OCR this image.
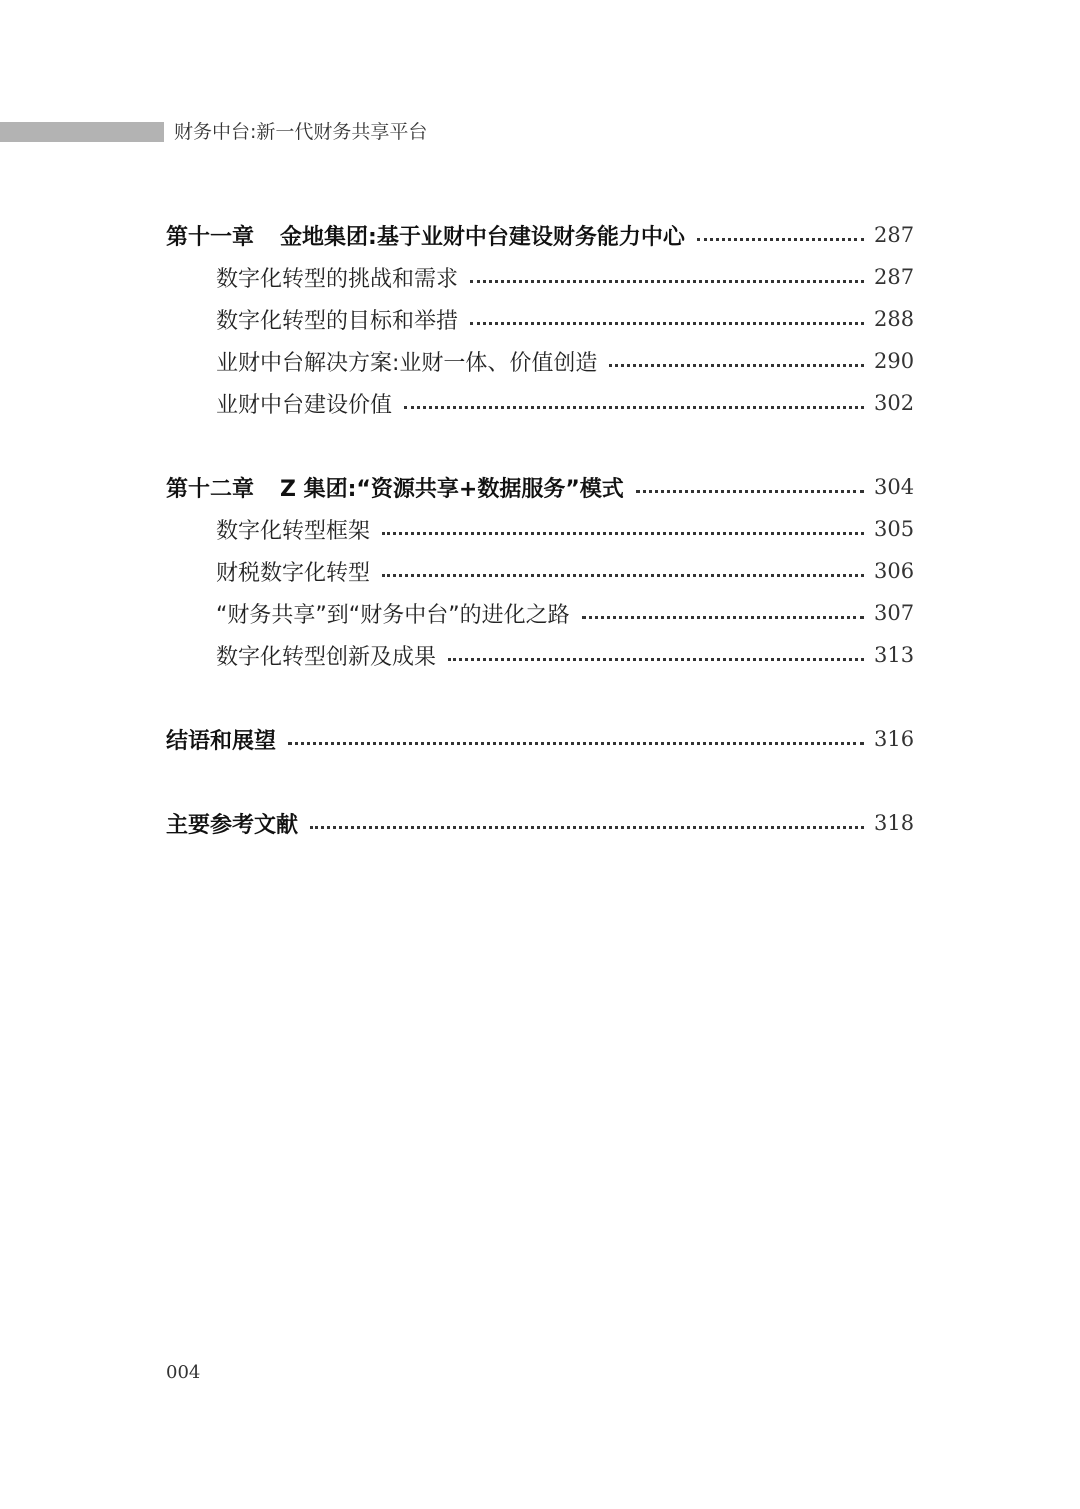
财务中台:新一代财务共享平台
第十一章 金地集团:基于业财中台建设财务能力中心	287
数字化转型的挑战和需求	287
数字化转型的目标和举措	288
业财中台解决方案:业财一体、价值创造	290
业财中台建设价值	302
第十二章 Z 集团:“资源共享+数据服务”模式	304
数字化转型框架	305
财税数字化转型	306
“财务共享”到“财务中台”的进化之路	307
数字化转型创新及成果	313
结语和展望	316
主要参考文献	318
004
